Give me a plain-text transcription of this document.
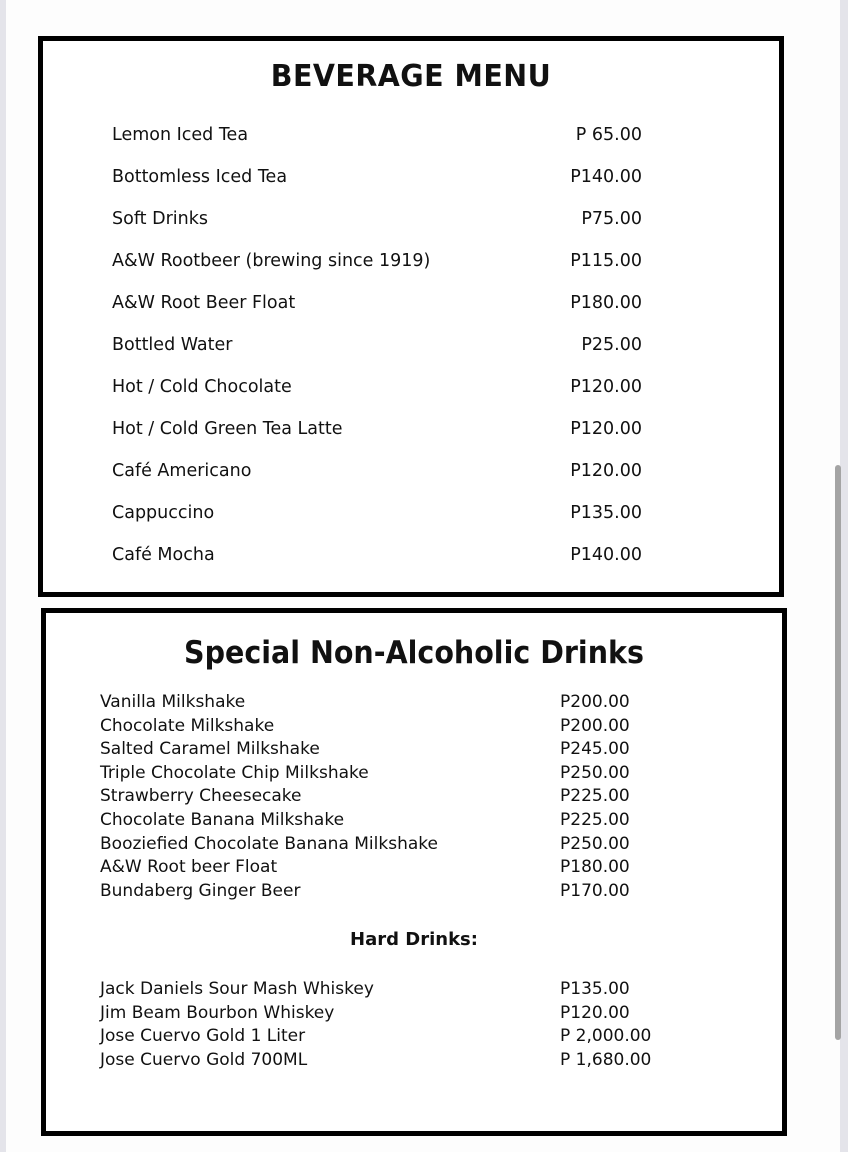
BEVERAGE MENU
Lemon Iced Tea	P 65.00
Bottomless Iced Tea	P140.00
Soft Drinks	P75.00
A&W Rootbeer (brewing since 1919)	P115.00
A&W Root Beer Float	P180.00
Bottled Water	P25.00
Hot / Cold Chocolate	P120.00
Hot / Cold Green Tea Latte	P120.00
Café Americano	P120.00
Cappuccino	P135.00
Café Mocha	P140.00
Special Non-Alcoholic Drinks
Vanilla Milkshake	P200.00
Chocolate Milkshake	P200.00
Salted Caramel Milkshake	P245.00
Triple Chocolate Chip Milkshake	P250.00
Strawberry Cheesecake	P225.00
Chocolate Banana Milkshake	P225.00
Booziefied Chocolate Banana Milkshake	P250.00
A&W Root beer Float	P180.00
Bundaberg Ginger Beer	P170.00
Hard Drinks:
Jack Daniels Sour Mash Whiskey	P135.00
Jim Beam Bourbon Whiskey	P120.00
Jose Cuervo Gold 1 Liter	P 2,000.00
Jose Cuervo Gold 700ML	P 1,680.00
